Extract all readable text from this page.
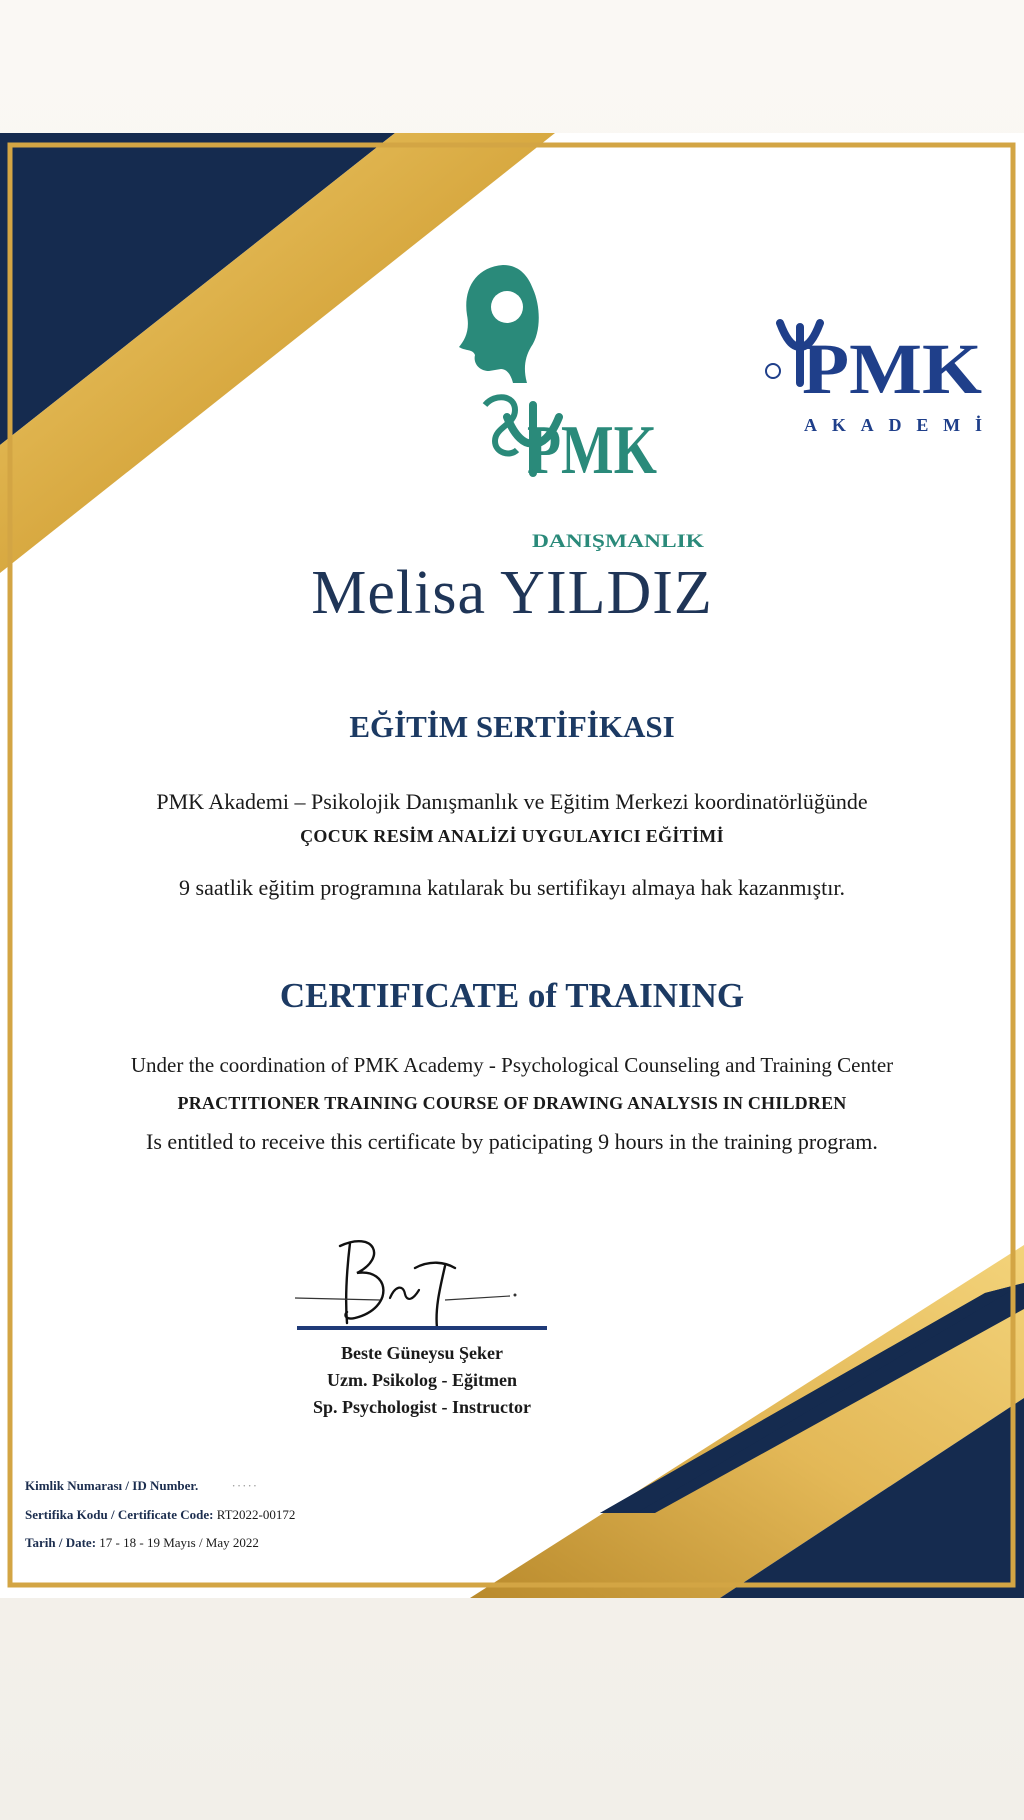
PMK
DANIŞMANLIK
PMK
AKADEMİ
Melisa YILDIZ
EĞİTİM SERTİFİKASI
PMK Akademi – Psikolojik Danışmanlık ve Eğitim Merkezi koordinatörlüğünde
ÇOCUK RESİM ANALİZİ UYGULAYICI EĞİTİMİ
9 saatlik eğitim programına katılarak bu sertifikayı almaya hak kazanmıştır.
CERTIFICATE of TRAINING
Under the coordination of PMK Academy - Psychological Counseling and Training Center
PRACTITIONER TRAINING COURSE OF DRAWING ANALYSIS IN CHILDREN
Is entitled to receive this certificate by paticipating 9 hours in the training program.
Beste Güneysu Şeker
Uzm. Psikolog - Eğitmen
Sp. Psychologist - Instructor
Kimlik Numarası / ID Number.	·····
Sertifika Kodu / Certificate Code: RT2022-00172
Tarih / Date: 17 - 18 - 19 Mayıs / May 2022
